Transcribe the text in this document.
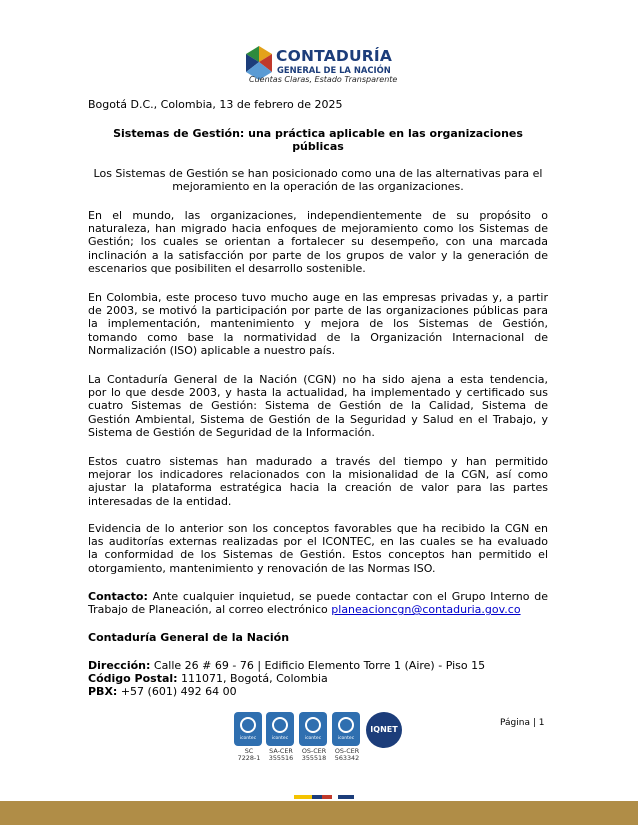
CONTADURÍA
GENERAL DE LA NACIÓN
Cuentas Claras, Estado Transparente
Bogotá D.C., Colombia, 13 de febrero de 2025
Sistemas de Gestión: una práctica aplicable en las organizaciones
públicas
Los Sistemas de Gestión se han posicionado como una de las alternativas para el
mejoramiento en la operación de las organizaciones.
En el mundo, las organizaciones, independientemente de su propósito o
naturaleza, han migrado hacia enfoques de mejoramiento como los Sistemas de
Gestión; los cuales se orientan a fortalecer su desempeño, con una marcada
inclinación a la satisfacción por parte de los grupos de valor y la generación de
escenarios que posibiliten el desarrollo sostenible.
En Colombia, este proceso tuvo mucho auge en las empresas privadas y, a partir
de 2003, se motivó la participación por parte de las organizaciones públicas para
la implementación, mantenimiento y mejora de los Sistemas de Gestión,
tomando como base la normatividad de la Organización Internacional de
Normalización (ISO) aplicable a nuestro país.
La Contaduría General de la Nación (CGN) no ha sido ajena a esta tendencia,
por lo que desde 2003, y hasta la actualidad, ha implementado y certificado sus
cuatro Sistemas de Gestión: Sistema de Gestión de la Calidad, Sistema de
Gestión Ambiental, Sistema de Gestión de la Seguridad y Salud en el Trabajo, y
Sistema de Gestión de Seguridad de la Información.
Estos cuatro sistemas han madurado a través del tiempo y han permitido
mejorar los indicadores relacionados con la misionalidad de la CGN, así como
ajustar la plataforma estratégica hacia la creación de valor para las partes
interesadas de la entidad.
Evidencia de lo anterior son los conceptos favorables que ha recibido la CGN en
las auditorías externas realizadas por el ICONTEC, en las cuales se ha evaluado
la conformidad de los Sistemas de Gestión. Estos conceptos han permitido el
otorgamiento, mantenimiento y renovación de las Normas ISO.
Contacto: Ante cualquier inquietud, se puede contactar con el Grupo Interno de
Trabajo de Planeación, al correo electrónico planeacioncgn@contaduria.gov.co
Contaduría General de la Nación
Dirección: Calle 26 # 69 - 76 | Edificio Elemento Torre 1 (Aire) - Piso 15
Código Postal: 111071, Bogotá, Colombia
PBX: +57 (601) 492 64 00
icontec
SC
7228-1
icontec
SA-CER
355516
icontec
OS-CER
355518
icontec
OS-CER
563342
IQNET
Página | 1
